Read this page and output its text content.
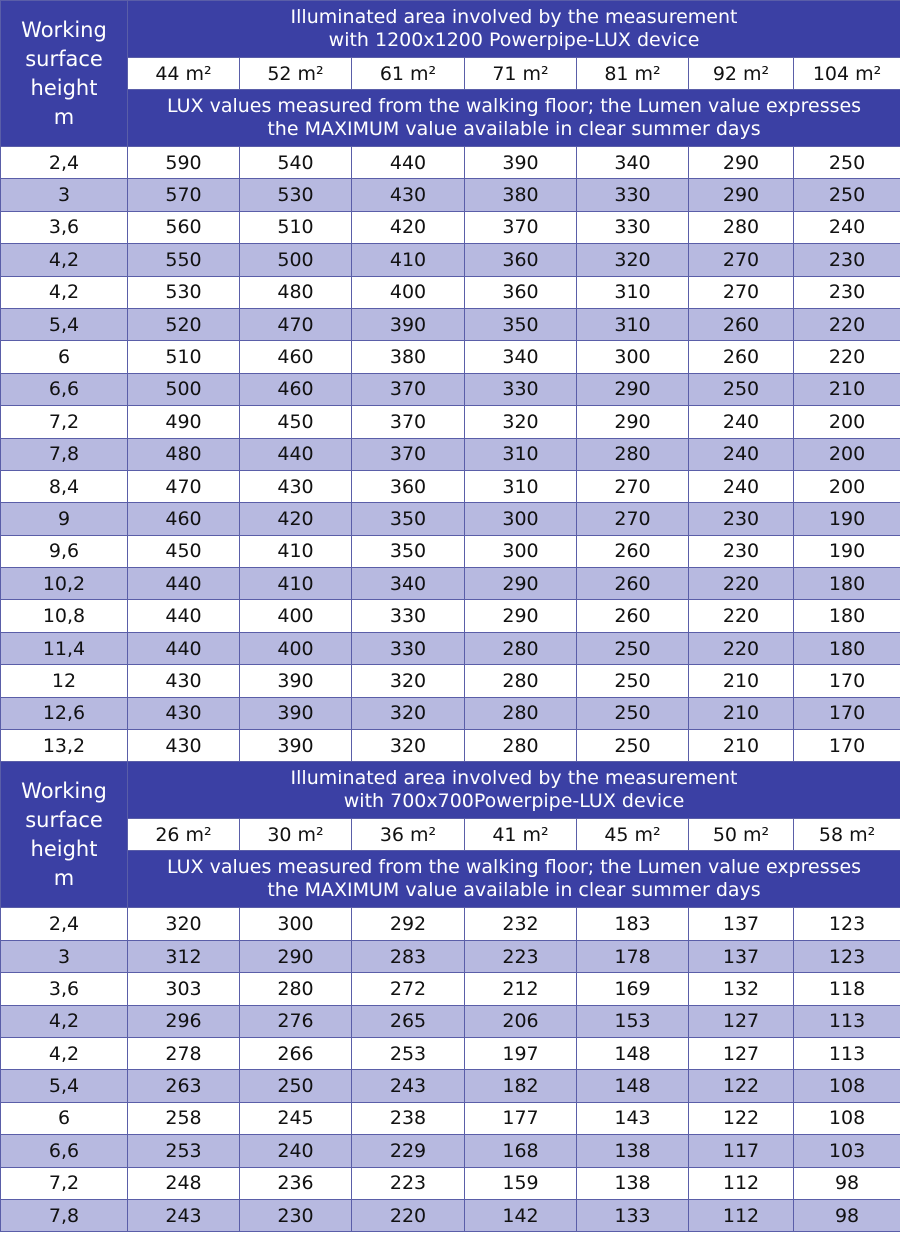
Working
surface
height
m	Illuminated area involved by the measurement
with 1200x1200 Powerpipe-LUX device						

	44 m²	52 m²	61 m²	71 m²	81 m²	92 m²	104 m²

	LUX values measured from the walking floor; the Lumen value expresses
the MAXIMUM value available in clear summer days						

2,4	590	540	440	390	340	290	250
3	570	530	430	380	330	290	250
3,6	560	510	420	370	330	280	240
4,2	550	500	410	360	320	270	230
4,2	530	480	400	360	310	270	230
5,4	520	470	390	350	310	260	220
6	510	460	380	340	300	260	220
6,6	500	460	370	330	290	250	210
7,2	490	450	370	320	290	240	200
7,8	480	440	370	310	280	240	200
8,4	470	430	360	310	270	240	200
9	460	420	350	300	270	230	190
9,6	450	410	350	300	260	230	190
10,2	440	410	340	290	260	220	180
10,8	440	400	330	290	260	220	180
11,4	440	400	330	280	250	220	180
12	430	390	320	280	250	210	170
12,6	430	390	320	280	250	210	170
13,2	430	390	320	280	250	210	170

Working
surface
height
m	Illuminated area involved by the measurement
with 700x700Powerpipe-LUX device						

	26 m²	30 m²	36 m²	41 m²	45 m²	50 m²	58 m²

	LUX values measured from the walking floor; the Lumen value expresses
the MAXIMUM value available in clear summer days						

2,4	320	300	292	232	183	137	123
3	312	290	283	223	178	137	123
3,6	303	280	272	212	169	132	118
4,2	296	276	265	206	153	127	113
4,2	278	266	253	197	148	127	113
5,4	263	250	243	182	148	122	108
6	258	245	238	177	143	122	108
6,6	253	240	229	168	138	117	103
7,2	248	236	223	159	138	112	98
7,8	243	230	220	142	133	112	98
